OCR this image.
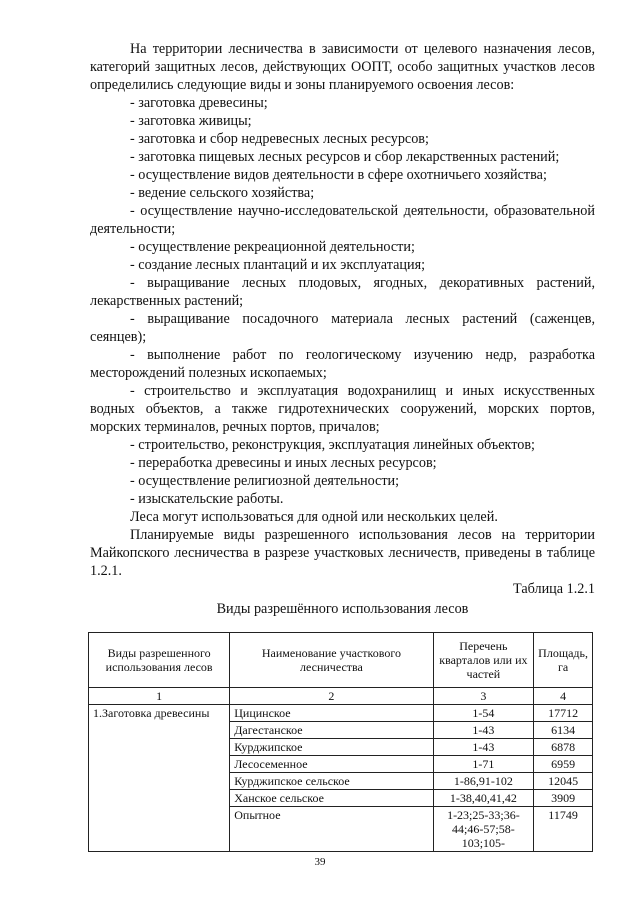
На территории лесничества в зависимости от целевого назначения лесов, категорий защитных лесов, действующих ООПТ, особо защитных участков лесов определились следующие виды и зоны планируемого освоения лесов:

- заготовка древесины;

- заготовка живицы;

- заготовка и сбор недревесных лесных ресурсов;

- заготовка пищевых лесных ресурсов и сбор лекарственных растений;

- осуществление видов деятельности в сфере охотничьего хозяйства;

- ведение сельского хозяйства;

- осуществление научно-исследовательской деятельности, образовательной деятельности;

- осуществление рекреационной деятельности;

- создание лесных плантаций и их эксплуатация;

- выращивание лесных плодовых, ягодных, декоративных растений, лекарственных растений;

- выращивание посадочного материала лесных растений (саженцев, сеянцев);

- выполнение работ по геологическому изучению недр, разработка месторождений полезных ископаемых;

- строительство и эксплуатация водохранилищ и иных искусственных водных объектов, а также гидротехнических сооружений, морских портов, морских терминалов, речных портов, причалов;

- строительство, реконструкция, эксплуатация линейных объектов;

- переработка древесины и иных лесных ресурсов;

- осуществление религиозной деятельности;

- изыскательские работы.

Леса могут использоваться для одной или нескольких целей.

Планируемые виды разрешенного использования лесов на территории Майкопского лесничества в разрезе участковых лесничеств, приведены в таблице 1.2.1.

Таблица 1.2.1

Виды разрешённого использования лесов

Виды разрешенного использования лесов	Наименование участкового лесничества	Перечень кварталов или их частей	Площадь, га
1	2	3	4
1.Заготовка древесины	Цицинское	1-54	17712
	Дагестанское	1-43	6134
	Курджипское	1-43	6878
	Лесосеменное	1-71	6959
	Курджипское сельское	1-86,91-102	12045
	Ханское сельское	1-38,40,41,42	3909
	Опытное	1-23;25-33;36-44;46-57;58-103;105-	11749
39
